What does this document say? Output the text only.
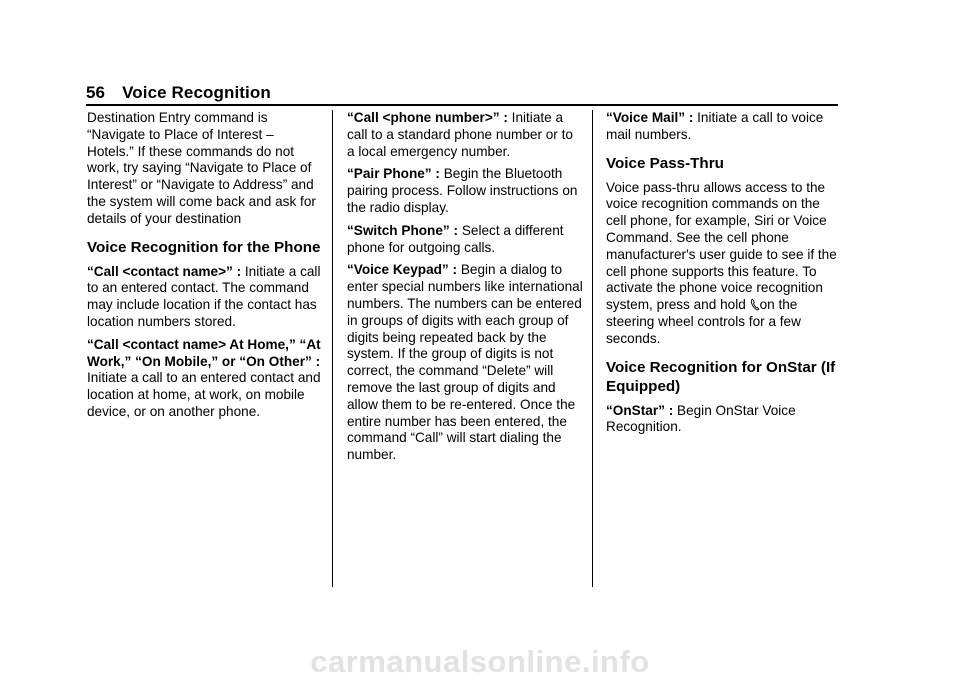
56 Voice Recognition

Destination Entry command is “Navigate to Place of Interest – Hotels.” If these commands do not work, try saying “Navigate to Place of Interest” or “Navigate to Address” and the system will come back and ask for details of your destination

Voice Recognition for the Phone

“Call <contact name>” : Initiate a call to an entered contact. The command may include location if the contact has location numbers stored.

“Call <contact name> At Home,” “At Work,” “On Mobile,” or “On Other” : Initiate a call to an entered contact and location at home, at work, on mobile device, or on another phone.

“Call <phone number>” : Initiate a call to a standard phone number or to a local emergency number.

“Pair Phone” : Begin the Bluetooth pairing process. Follow instructions on the radio display.

“Switch Phone” : Select a different phone for outgoing calls.

“Voice Keypad” : Begin a dialog to enter special numbers like international numbers. The numbers can be entered in groups of digits with each group of digits being repeated back by the system. If the group of digits is not correct, the command “Delete” will remove the last group of digits and allow them to be re-entered. Once the entire number has been entered, the command “Call” will start dialing the number.

“Voice Mail” : Initiate a call to voice mail numbers.

Voice Pass-Thru

Voice pass-thru allows access to the voice recognition commands on the cell phone, for example, Siri or Voice Command. See the cell phone manufacturer's user guide to see if the cell phone supports this feature. To activate the phone voice recognition system, press and hold on the steering wheel controls for a few seconds.

Voice Recognition for OnStar (If Equipped)

“OnStar” : Begin OnStar Voice Recognition.

carmanualsonline.info
